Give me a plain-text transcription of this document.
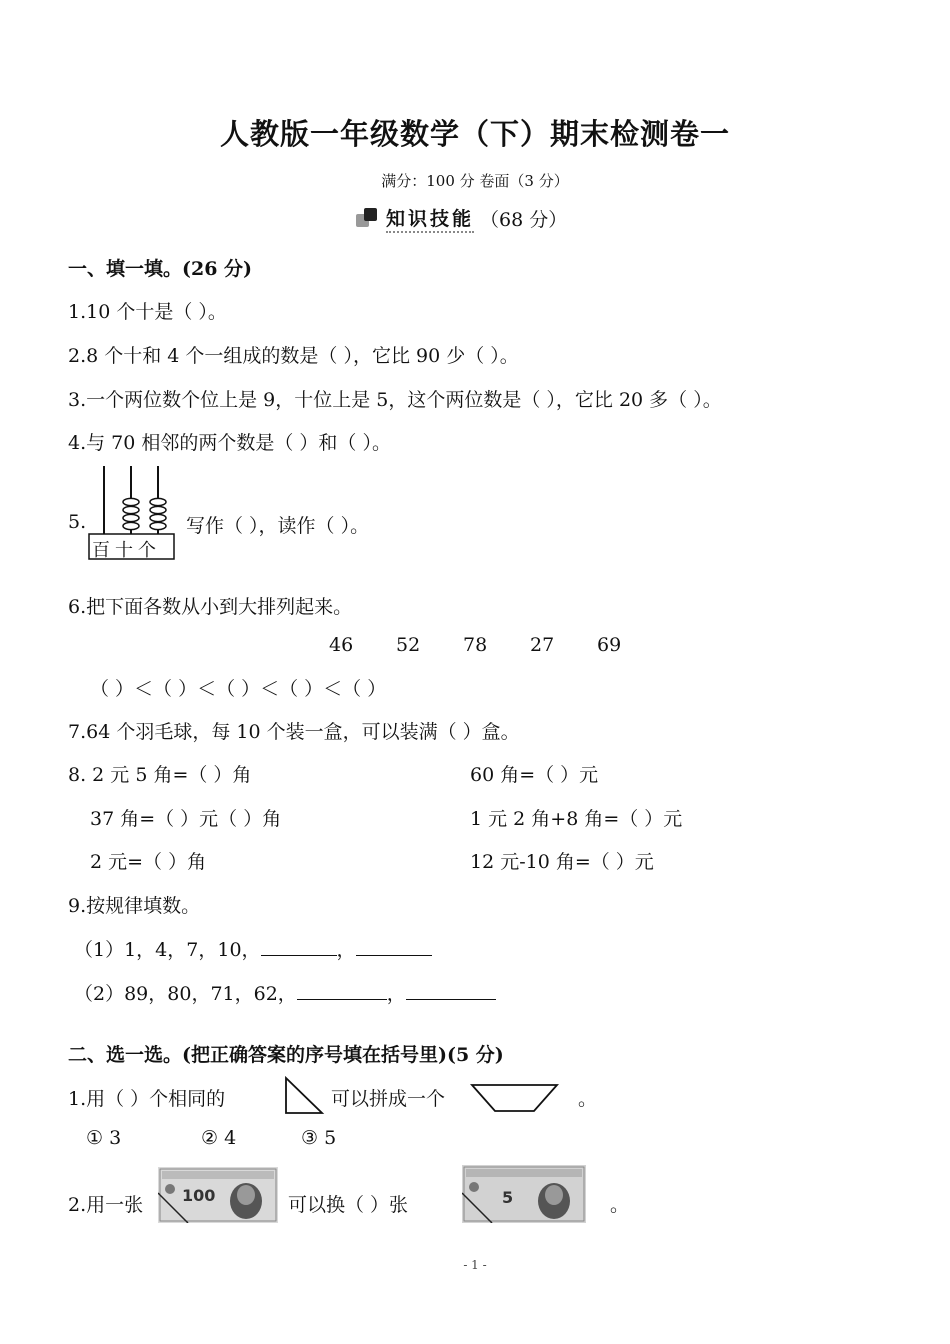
人教版一年级数学（下）期末检测卷一
满分：100 分 卷面（3 分）
知识技能 （68 分）
一、填一填。(26 分)
1.10 个十是（ ）。
2.8 个十和 4 个一组成的数是（ ），它比 90 少（ ）。
3.一个两位数个位上是 9，十位上是 5，这个两位数是（ ），它比 20 多（ ）。
4.与 70 相邻的两个数是（ ）和（ ）。
5.
百十个
写作（ ），读作（ ）。
6.把下面各数从小到大排列起来。
46 52 78 27 69
（ ）＜（ ）＜（ ）＜（ ）＜（ ）
7.64 个羽毛球，每 10 个装一盒，可以装满（ ）盒。
8. 2 元 5 角=（ ）角	60 角=（ ）元
37 角=（ ）元（ ）角	1 元 2 角+8 角=（ ）元
2 元=（ ）角	12 元-10 角=（ ）元
9.按规律填数。
（1）1，4，7，10，	，
（2）89，80，71，62，	，
二、选一选。(把正确答案的序号填在括号里)(5 分)
1.用（ ）个相同的	可以拼成一个	。
① 3	② 4	③ 5
2.用一张 100	可以换（ ）张	5	。
- 1 -
